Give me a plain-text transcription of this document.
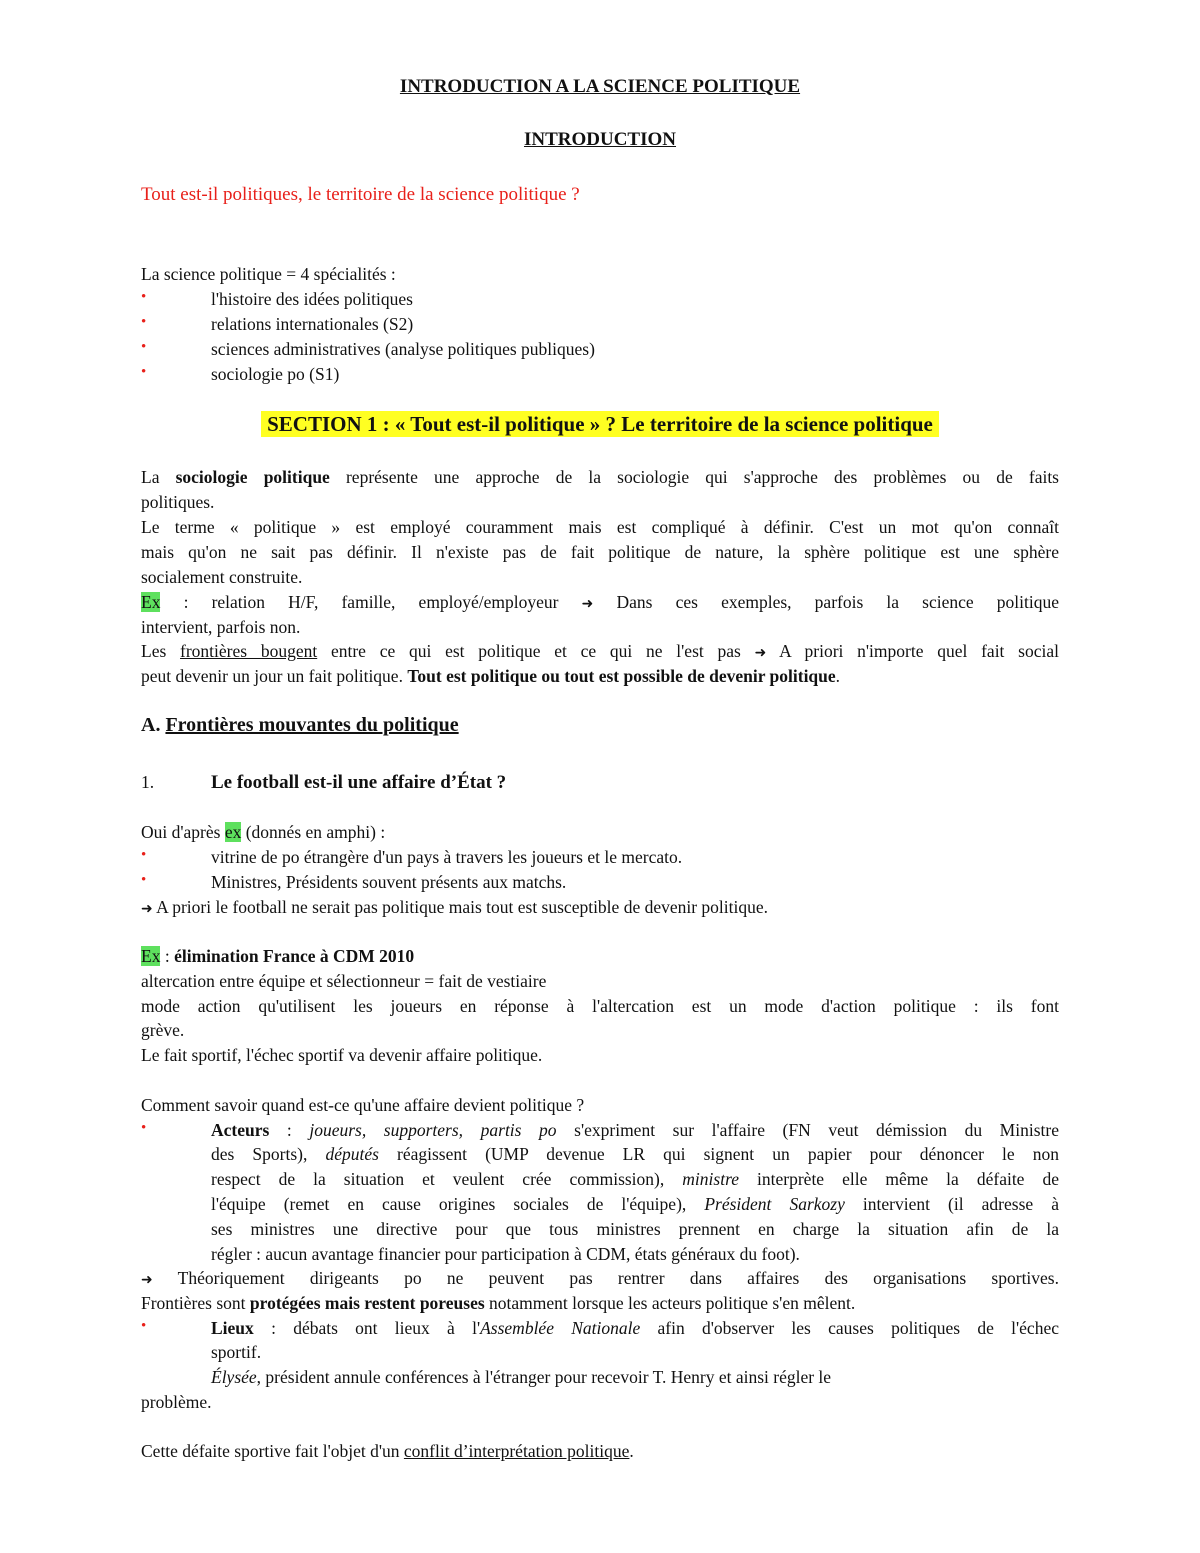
INTRODUCTION A LA SCIENCE POLITIQUE
INTRODUCTION
Tout est-il politiques, le territoire de la science politique ?
La science politique = 4 spécialités :
•	l'histoire des idées politiques
•	relations internationales (S2)
•	sciences administratives (analyse politiques publiques)
•	sociologie po (S1)
SECTION 1 : « Tout est-il politique » ? Le territoire de la science politique
La sociologie politique représente une approche de la sociologie qui s'approche des problèmes ou de faits
politiques.
Le terme « politique » est employé couramment mais est compliqué à définir. C'est un mot qu'on connaît
mais qu'on ne sait pas définir. Il n'existe pas de fait politique de nature, la sphère politique est une sphère
socialement construite.
Ex : relation H/F, famille, employé/employeur ➜ Dans ces exemples, parfois la science politique
intervient, parfois non.
Les frontières bougent entre ce qui est politique et ce qui ne l'est pas ➜ A priori n'importe quel fait social
peut devenir un jour un fait politique. Tout est politique ou tout est possible de devenir politique.
A. Frontières mouvantes du politique
1.	Le football est-il une affaire d’État ?
Oui d'après ex (donnés en amphi) :
•	vitrine de po étrangère d'un pays à travers les joueurs et le mercato.
•	Ministres, Présidents souvent présents aux matchs.
➜ A priori le football ne serait pas politique mais tout est susceptible de devenir politique.
Ex : élimination France à CDM 2010
altercation entre équipe et sélectionneur = fait de vestiaire
mode action qu'utilisent les joueurs en réponse à l'altercation est un mode d'action politique : ils font
grève.
Le fait sportif, l'échec sportif va devenir affaire politique.
Comment savoir quand est-ce qu'une affaire devient politique ?
•	Acteurs : joueurs, supporters, partis po s'expriment sur l'affaire (FN veut démission du Ministre
des Sports), députés réagissent (UMP devenue LR qui signent un papier pour dénoncer le non
respect de la situation et veulent crée commission), ministre interprète elle même la défaite de
l'équipe (remet en cause origines sociales de l'équipe), Président Sarkozy intervient (il adresse à
ses ministres une directive pour que tous ministres prennent en charge la situation afin de la
régler : aucun avantage financier pour participation à CDM, états généraux du foot).
➜ Théoriquement dirigeants po ne peuvent pas rentrer dans affaires des organisations sportives.
Frontières sont protégées mais restent poreuses notamment lorsque les acteurs politique s'en mêlent.
•	Lieux : débats ont lieux à l'Assemblée Nationale afin d'observer les causes politiques de l'échec
sportif.
Élysée, président annule conférences à l'étranger pour recevoir T. Henry et ainsi régler le
problème.
Cette défaite sportive fait l'objet d'un conflit d’interprétation politique.
